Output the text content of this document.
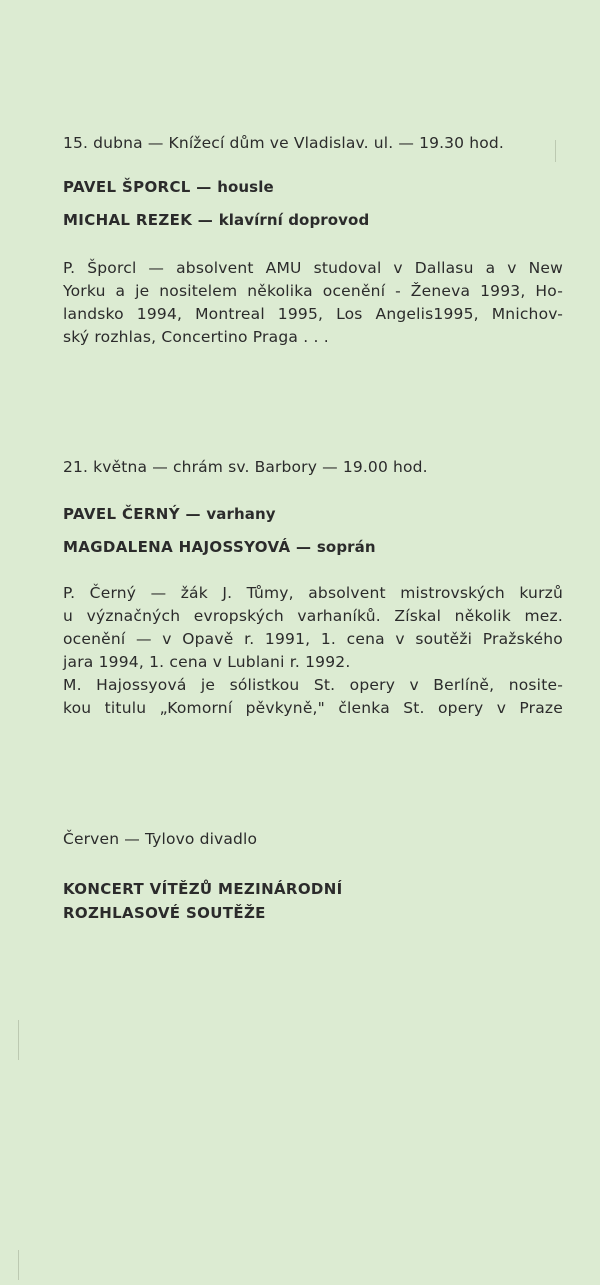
15. dubna — Knížecí dům ve Vladislav. ul. — 19.30 hod.
PAVEL ŠPORCL — housle
MICHAL REZEK — klavírní doprovod
P. Šporcl — absolvent AMU studoval v Dallasu a v New
Yorku a je nositelem několika ocenění - Ženeva 1993, Ho-
landsko 1994, Montreal 1995, Los Angelis1995, Mnichov-
ský rozhlas, Concertino Praga . . .
21. května — chrám sv. Barbory — 19.00 hod.
PAVEL ČERNÝ — varhany
MAGDALENA HAJOSSYOVÁ — soprán
P. Černý — žák J. Tůmy, absolvent mistrovských kurzů
u význačných evropských varhaníků. Získal několik mez.
ocenění — v Opavě r. 1991, 1. cena v soutěži Pražského
jara 1994, 1. cena v Lublani r. 1992.
M. Hajossyová je sólistkou St. opery v Berlíně, nosite-
kou titulu „Komorní pěvkyně," členka St. opery v Praze
Červen — Tylovo divadlo
KONCERT VÍTĚZŮ MEZINÁRODNÍ
ROZHLASOVÉ SOUTĚŽE
